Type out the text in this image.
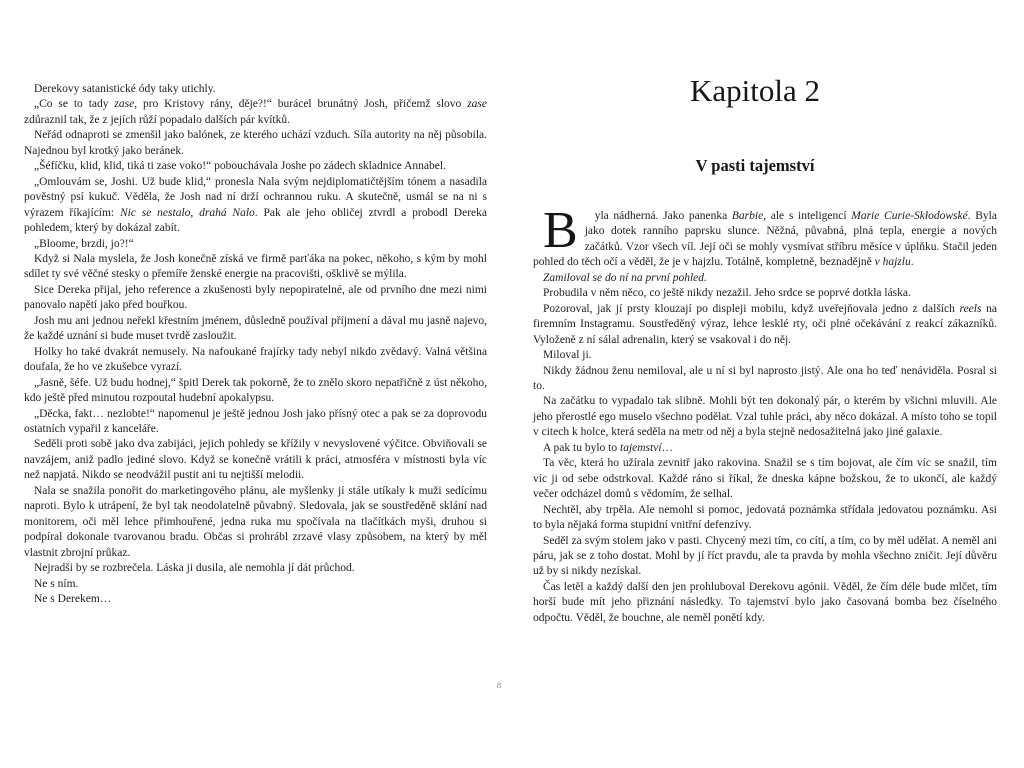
Derekovy satanistické ódy taky utichly.

„Co se to tady zase, pro Kristovy rány, děje?!“ burácel brunátný Josh, přičemž slovo zase zdůraznil tak, že z jejích růží popadalo dalších pár kvítků.

Neřád odnaproti se zmenšil jako balónek, ze kterého uchází vzduch. Síla autority na něj působila. Najednou byl krotký jako beránek.

„Šéfíčku, klid, klid, tiká ti zase voko!“ pobouchávala Joshe po zádech skladnice Annabel.

„Omlouvám se, Joshi. Už bude klid,“ pronesla Nala svým nejdiplomatičtějším tónem a nasadila pověstný psí kukuč. Věděla, že Josh nad ní drží ochrannou ruku. A skutečně, usmál se na ni s výrazem říkajícím: Nic se nestalo, drahá Nalo. Pak ale jeho obličej ztvrdl a probodl Dereka pohledem, který by dokázal zabít.

„Bloome, brzdi, jo?!“

Když si Nala myslela, že Josh konečně získá ve firmě parťáka na pokec, někoho, s kým by mohl sdílet ty své věčné stesky o přemíře ženské energie na pracovišti, ošklivě se mýlila.

Sice Dereka přijal, jeho reference a zkušenosti byly nepopiratelné, ale od prvního dne mezi nimi panovalo napětí jako před bouřkou.

Josh mu ani jednou neřekl křestním jménem, důsledně používal příjmení a dával mu jasně najevo, že každé uznání si bude muset tvrdě zasloužit.

Holky ho také dvakrát nemusely. Na nafoukané frajírky tady nebyl nikdo zvědavý. Valná většina doufala, že ho ve zkušebce vyrazí.

„Jasně, šéfe. Už budu hodnej,“ špitl Derek tak pokorně, že to znělo skoro nepatřičně z úst někoho, kdo ještě před minutou rozpoutal hudební apokalypsu.

„Děcka, fakt… nezlobte!“ napomenul je ještě jednou Josh jako přísný otec a pak se za doprovodu ostatních vypařil z kanceláře.

Seděli proti sobě jako dva zabijáci, jejich pohledy se křížily v nevyslovené výčitce. Obviňovali se navzájem, aniž padlo jediné slovo. Když se konečně vrátili k práci, atmosféra v místnosti byla víc než napjatá. Nikdo se neodvážil pustit ani tu nejtišší melodii.

Nala se snažila ponořit do marketingového plánu, ale myšlenky jí stále utíkaly k muži sedícímu naproti. Bylo k utrápení, že byl tak neodolatelně půvabný. Sledovala, jak se soustředěně sklání nad monitorem, oči měl lehce přimhouřené, jedna ruka mu spočívala na tlačítkách myši, druhou si podpíral dokonale tvarovanou bradu. Občas si prohrábl zrzavé vlasy způsobem, na který by měl vlastnit zbrojní průkaz.

Nejradši by se rozbrečela. Láska ji dusila, ale nemohla jí dát průchod.

Ne s ním.

Ne s Derekem…

8
Kapitola 2
V pasti tajemství

B yla nádherná. Jako panenka Barbie, ale s inteligencí Marie Curie-Skłodowské. Byla jako dotek ranního paprsku slunce. Něžná, půvabná, plná tepla, energie a nových začátků. Vzor všech víl. Její oči se mohly vysmívat stříbru měsíce v úplňku. Stačil jeden pohled do těch očí a věděl, že je v hajzlu. Totálně, kompletně, beznadějně v hajzlu.

Zamiloval se do ní na první pohled.

Probudila v něm něco, co ještě nikdy nezažil. Jeho srdce se poprvé dotkla láska.

Pozoroval, jak jí prsty klouzají po displeji mobilu, když uveřejňovala jedno z dalších reels na firemním Instagramu. Soustředěný výraz, lehce lesklé rty, oči plné očekávání z reakcí zákazníků. Vyloženě z ní sálal adrenalin, který se vsakoval i do něj.

Miloval ji.

Nikdy žádnou ženu nemiloval, ale u ní si byl naprosto jistý. Ale ona ho teď nenáviděla. Posral si to.

Na začátku to vypadalo tak slibně. Mohli být ten dokonalý pár, o kterém by všichni mluvili. Ale jeho přerostlé ego muselo všechno podělat. Vzal tuhle práci, aby něco dokázal. A místo toho se topil v citech k holce, která seděla na metr od něj a byla stejně nedosažitelná jako jiné galaxie.

A pak tu bylo to tajemství…

Ta věc, která ho užírala zevnitř jako rakovina. Snažil se s tím bojovat, ale čím víc se snažil, tím víc ji od sebe odstrkoval. Každé ráno si říkal, že dneska kápne božskou, že to ukončí, ale každý večer odcházel domů s vědomím, že selhal.

Nechtěl, aby trpěla. Ale nemohl si pomoc, jedovatá poznámka střídala jedovatou poznámku. Asi to byla nějaká forma stupidní vnitřní defenzívy.

Seděl za svým stolem jako v pasti. Chycený mezi tím, co cítí, a tím, co by měl udělat. A neměl ani páru, jak se z toho dostat. Mohl by jí říct pravdu, ale ta pravda by mohla všechno zničit. Její důvěru už by si nikdy nezískal.

Čas letěl a každý další den jen prohluboval Derekovu agónii. Věděl, že čím déle bude mlčet, tím horší bude mít jeho přiznání následky. To tajemství bylo jako časovaná bomba bez číselného odpočtu. Věděl, že bouchne, ale neměl ponětí kdy.
